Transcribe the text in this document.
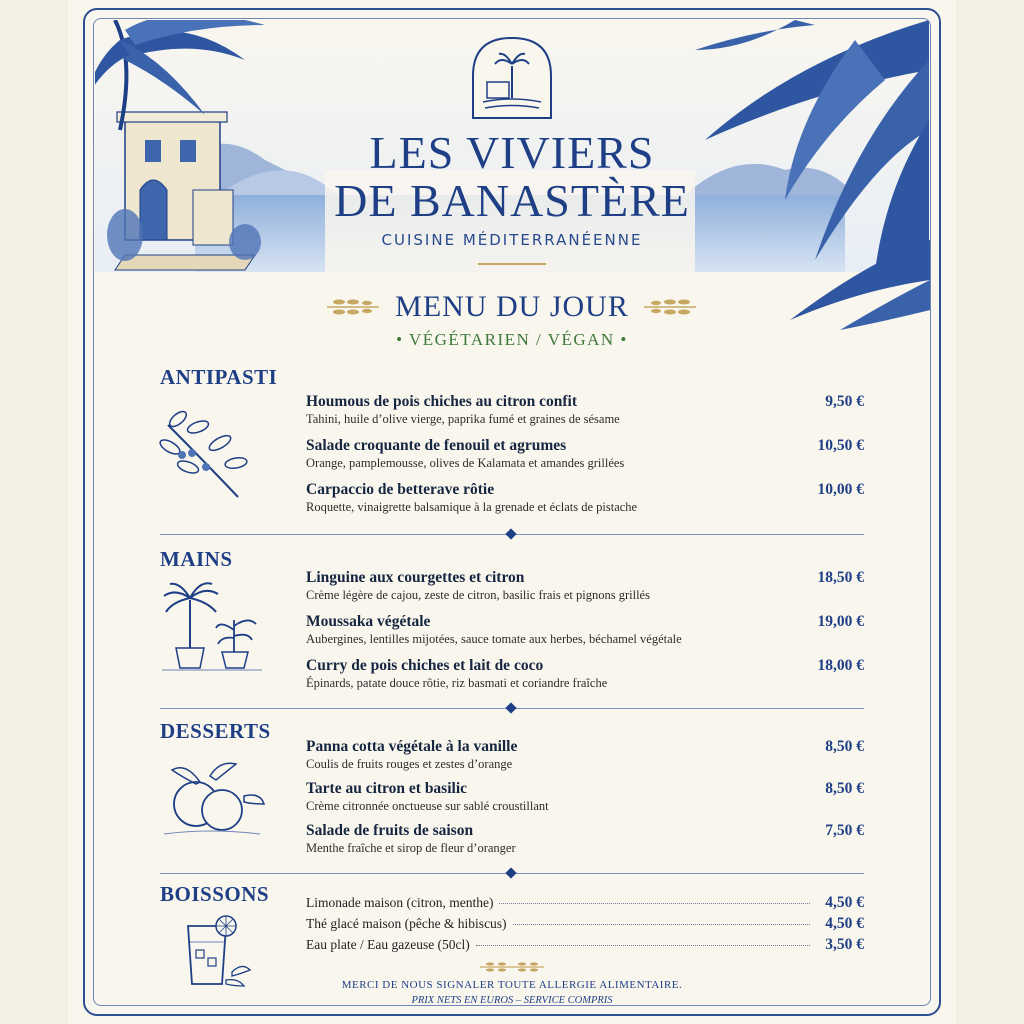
LES VIVIERS
DE BANASTÈRE
CUISINE MÉDITERRANÉENNE
MENU DU JOUR
• VÉGÉTARIEN / VÉGAN •
ANTIPASTI
Houmous de pois chiches au citron confit
Tahini, huile d’olive vierge, paprika fumé et graines de sésame
9,50 €
Salade croquante de fenouil et agrumes
Orange, pamplemousse, olives de Kalamata et amandes grillées
10,50 €
Carpaccio de betterave rôtie
Roquette, vinaigrette balsamique à la grenade et éclats de pistache
10,00 €
MAINS
Linguine aux courgettes et citron
Crème légère de cajou, zeste de citron, basilic frais et pignons grillés
18,50 €
Moussaka végétale
Aubergines, lentilles mijotées, sauce tomate aux herbes, béchamel végétale
19,00 €
Curry de pois chiches et lait de coco
Épinards, patate douce rôtie, riz basmati et coriandre fraîche
18,00 €
DESSERTS
Panna cotta végétale à la vanille
Coulis de fruits rouges et zestes d’orange
8,50 €
Tarte au citron et basilic
Crème citronnée onctueuse sur sablé croustillant
8,50 €
Salade de fruits de saison
Menthe fraîche et sirop de fleur d’oranger
7,50 €
BOISSONS	Limonade maison (citron, menthe)	4,50 €
Thé glacé maison (pêche & hibiscus)	4,50 €
Eau plate / Eau gazeuse (50cl)	3,50 €
MERCI DE NOUS SIGNALER TOUTE ALLERGIE ALIMENTAIRE.
PRIX NETS EN EUROS – SERVICE COMPRIS
